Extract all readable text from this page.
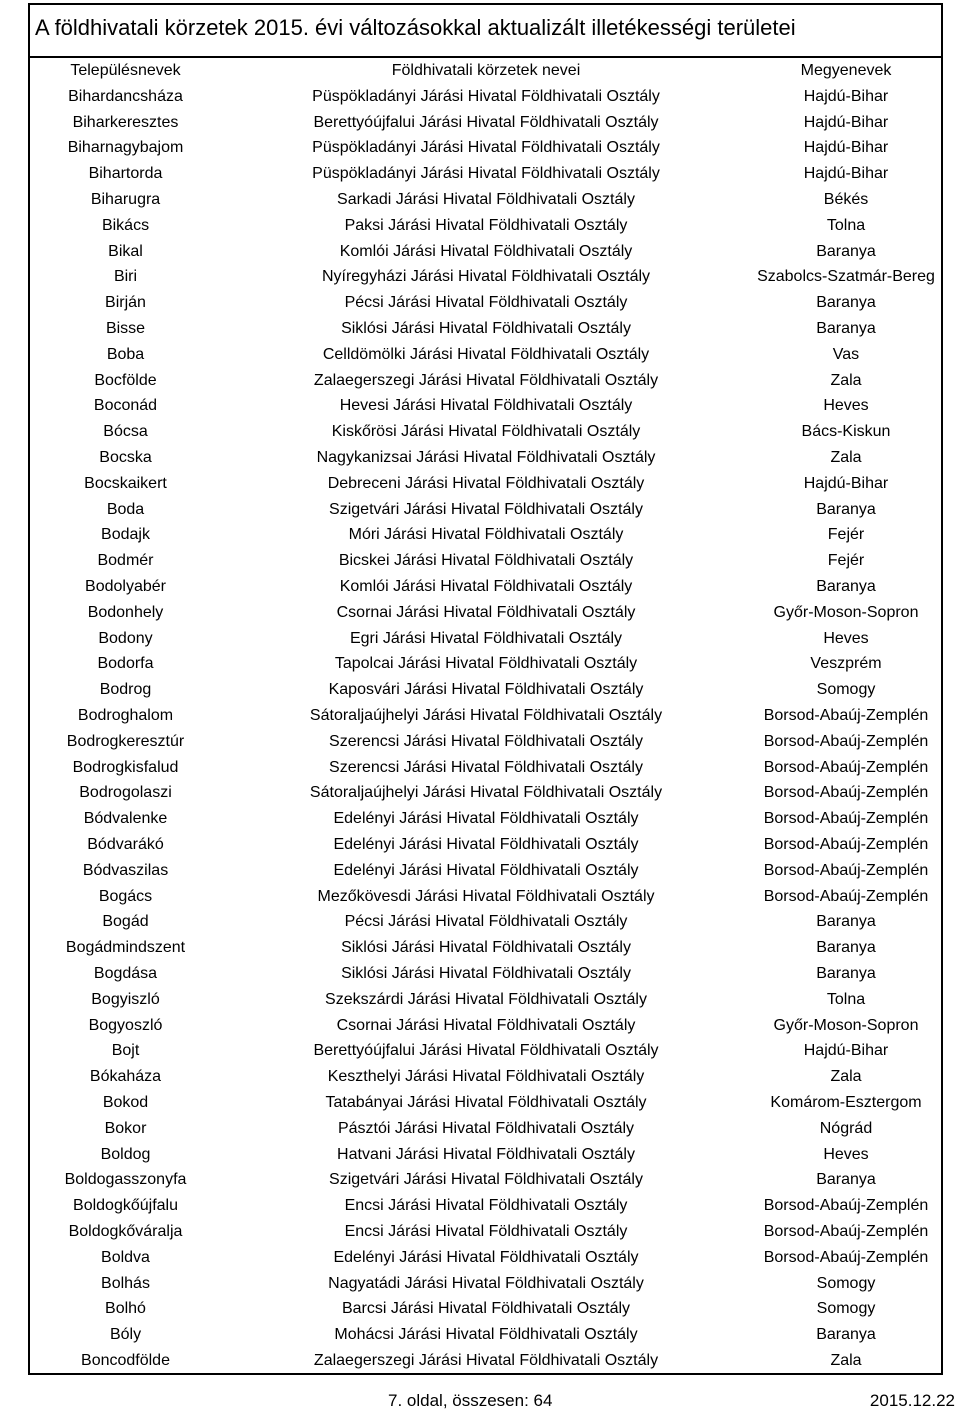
A földhivatali körzetek 2015. évi változásokkal aktualizált illetékességi területei
Településnevek	Földhivatali körzetek nevei	Megyenevek
Bihardancsháza	Püspökladányi Járási Hivatal Földhivatali Osztály	Hajdú-Bihar
Biharkeresztes	Berettyóújfalui Járási Hivatal Földhivatali Osztály	Hajdú-Bihar
Biharnagybajom	Püspökladányi Járási Hivatal Földhivatali Osztály	Hajdú-Bihar
Bihartorda	Püspökladányi Járási Hivatal Földhivatali Osztály	Hajdú-Bihar
Biharugra	Sarkadi Járási Hivatal Földhivatali Osztály	Békés
Bikács	Paksi Járási Hivatal Földhivatali Osztály	Tolna
Bikal	Komlói Járási Hivatal Földhivatali Osztály	Baranya
Biri	Nyíregyházi Járási Hivatal Földhivatali Osztály	Szabolcs-Szatmár-Bereg
Birján	Pécsi Járási Hivatal Földhivatali Osztály	Baranya
Bisse	Siklósi Járási Hivatal Földhivatali Osztály	Baranya
Boba	Celldömölki Járási Hivatal Földhivatali Osztály	Vas
Bocfölde	Zalaegerszegi Járási Hivatal Földhivatali Osztály	Zala
Boconád	Hevesi Járási Hivatal Földhivatali Osztály	Heves
Bócsa	Kiskőrösi Járási Hivatal Földhivatali Osztály	Bács-Kiskun
Bocska	Nagykanizsai Járási Hivatal Földhivatali Osztály	Zala
Bocskaikert	Debreceni Járási Hivatal Földhivatali Osztály	Hajdú-Bihar
Boda	Szigetvári Járási Hivatal Földhivatali Osztály	Baranya
Bodajk	Móri Járási Hivatal Földhivatali Osztály	Fejér
Bodmér	Bicskei Járási Hivatal Földhivatali Osztály	Fejér
Bodolyabér	Komlói Járási Hivatal Földhivatali Osztály	Baranya
Bodonhely	Csornai Járási Hivatal Földhivatali Osztály	Győr-Moson-Sopron
Bodony	Egri Járási Hivatal Földhivatali Osztály	Heves
Bodorfa	Tapolcai Járási Hivatal Földhivatali Osztály	Veszprém
Bodrog	Kaposvári Járási Hivatal Földhivatali Osztály	Somogy
Bodroghalom	Sátoraljaújhelyi Járási Hivatal Földhivatali Osztály	Borsod-Abaúj-Zemplén
Bodrogkeresztúr	Szerencsi Járási Hivatal Földhivatali Osztály	Borsod-Abaúj-Zemplén
Bodrogkisfalud	Szerencsi Járási Hivatal Földhivatali Osztály	Borsod-Abaúj-Zemplén
Bodrogolaszi	Sátoraljaújhelyi Járási Hivatal Földhivatali Osztály	Borsod-Abaúj-Zemplén
Bódvalenke	Edelényi Járási Hivatal Földhivatali Osztály	Borsod-Abaúj-Zemplén
Bódvarákó	Edelényi Járási Hivatal Földhivatali Osztály	Borsod-Abaúj-Zemplén
Bódvaszilas	Edelényi Járási Hivatal Földhivatali Osztály	Borsod-Abaúj-Zemplén
Bogács	Mezőkövesdi Járási Hivatal Földhivatali Osztály	Borsod-Abaúj-Zemplén
Bogád	Pécsi Járási Hivatal Földhivatali Osztály	Baranya
Bogádmindszent	Siklósi Járási Hivatal Földhivatali Osztály	Baranya
Bogdása	Siklósi Járási Hivatal Földhivatali Osztály	Baranya
Bogyiszló	Szekszárdi Járási Hivatal Földhivatali Osztály	Tolna
Bogyoszló	Csornai Járási Hivatal Földhivatali Osztály	Győr-Moson-Sopron
Bojt	Berettyóújfalui Járási Hivatal Földhivatali Osztály	Hajdú-Bihar
Bókaháza	Keszthelyi Járási Hivatal Földhivatali Osztály	Zala
Bokod	Tatabányai Járási Hivatal Földhivatali Osztály	Komárom-Esztergom
Bokor	Pásztói Járási Hivatal Földhivatali Osztály	Nógrád
Boldog	Hatvani Járási Hivatal Földhivatali Osztály	Heves
Boldogasszonyfa	Szigetvári Járási Hivatal Földhivatali Osztály	Baranya
Boldogkőújfalu	Encsi Járási Hivatal Földhivatali Osztály	Borsod-Abaúj-Zemplén
Boldogkőváralja	Encsi Járási Hivatal Földhivatali Osztály	Borsod-Abaúj-Zemplén
Boldva	Edelényi Járási Hivatal Földhivatali Osztály	Borsod-Abaúj-Zemplén
Bolhás	Nagyatádi Járási Hivatal Földhivatali Osztály	Somogy
Bolhó	Barcsi Járási Hivatal Földhivatali Osztály	Somogy
Bóly	Mohácsi Járási Hivatal Földhivatali Osztály	Baranya
Boncodfölde	Zalaegerszegi Járási Hivatal Földhivatali Osztály	Zala
7. oldal, összesen: 64	2015.12.22
